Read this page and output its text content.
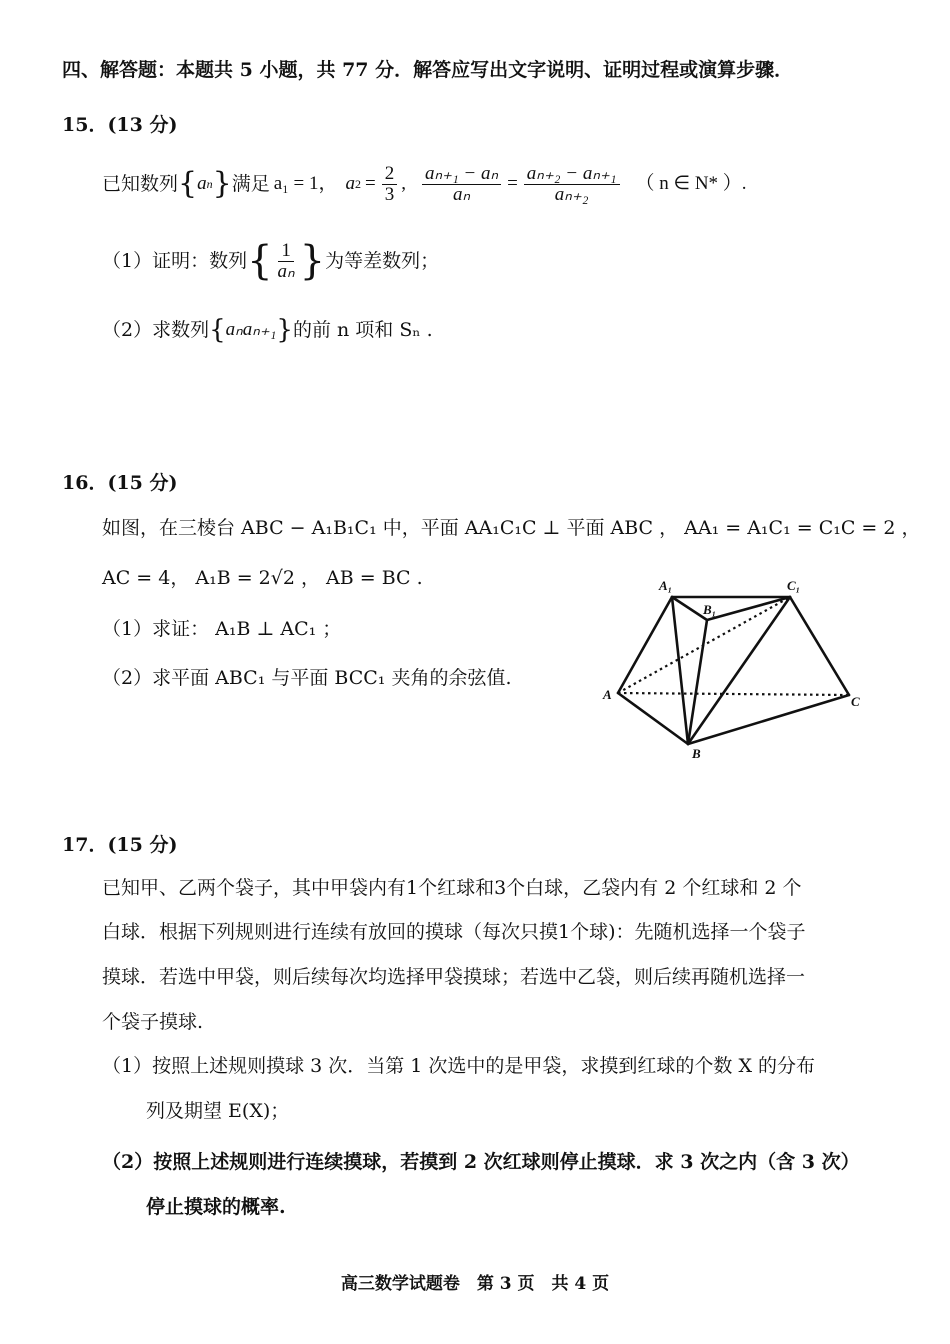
四、解答题：本题共 5 小题，共 77 分．解答应写出文字说明、证明过程或演算步骤．
15．(13 分)
已知数列 { a n } 满足 a₁ = 1， a $2 = \frac{2}{3}$ , $\frac{\text{aₙ₊₁ − aₙ}}{\text{aₙ}} = \frac{\text{aₙ₊₂ − aₙ₊₁}}{\text{aₙ₊₂}}$ （ n ∈ N* ）.
（1）证明：数列 { $\frac{1}{\text{aₙ}}$ } 为等差数列；
（2）求数列 { aₙaₙ₊₁ } 的前 n 项和 Sₙ .
16．(15 分)
如图，在三棱台 ABC − A₁B₁C₁ 中，平面 AA₁C₁C ⊥ 平面 ABC ， AA₁ = A₁C₁ = C₁C = 2 ，
AC = 4， A₁B = 2√2 ， AB = BC .
（1）求证： A₁B ⊥ AC₁ ；
（2）求平面 ABC₁ 与平面 BCC₁ 夹角的余弦值.
A₁
B₁
C₁
A	C
B
17．(15 分)
已知甲、乙两个袋子，其中甲袋内有1个红球和3个白球，乙袋内有 2 个红球和 2 个
白球．根据下列规则进行连续有放回的摸球（每次只摸1个球)：先随机选择一个袋子
摸球．若选中甲袋，则后续每次均选择甲袋摸球；若选中乙袋，则后续再随机选择一
个袋子摸球.
（1）按照上述规则摸球 3 次．当第 1 次选中的是甲袋，求摸到红球的个数 X 的分布
列及期望 E(X)；
（2）按照上述规则进行连续摸球，若摸到 2 次红球则停止摸球．求 3 次之内（含 3 次）
停止摸球的概率.
高三数学试题卷　第 3 页　共 4 页
